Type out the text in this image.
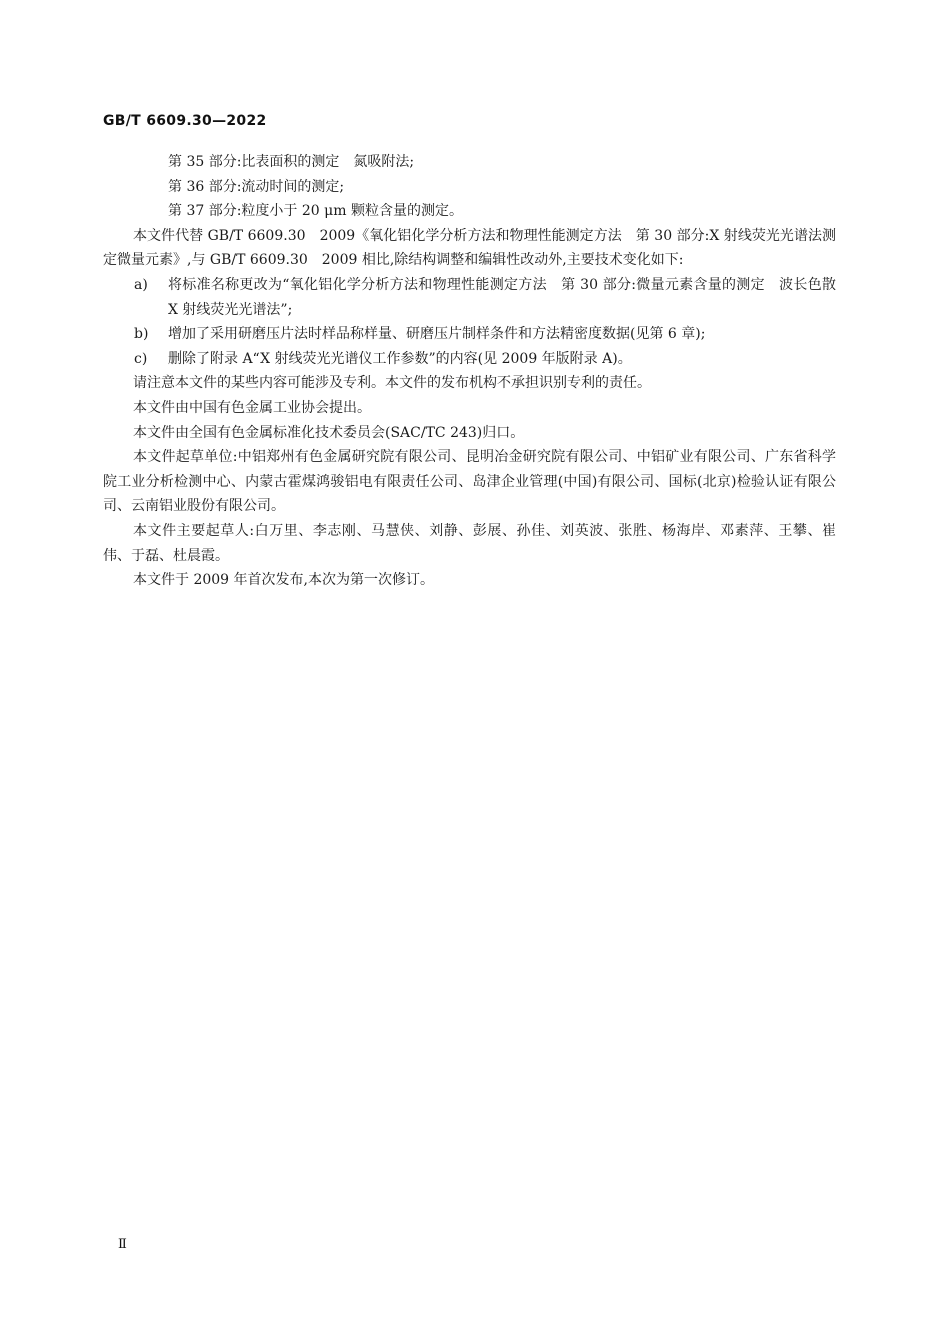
GB/T 6609.30—2022

第 35 部分:比表面积的测定　氮吸附法;

第 36 部分:流动时间的测定;

第 37 部分:粒度小于 20 μm 颗粒含量的测定。

本文件代替 GB/T 6609.30　2009《氧化铝化学分析方法和物理性能测定方法　第 30 部分:X 射线荧光光谱法测定微量元素》,与 GB/T 6609.30　2009 相比,除结构调整和编辑性改动外,主要技术变化如下:

a) 将标准名称更改为“氧化铝化学分析方法和物理性能测定方法　第 30 部分:微量元素含量的测定　波长色散 X 射线荧光光谱法”;

b) 增加了采用研磨压片法时样品称样量、研磨压片制样条件和方法精密度数据(见第 6 章);

c) 删除了附录 A“X 射线荧光光谱仪工作参数”的内容(见 2009 年版附录 A)。

请注意本文件的某些内容可能涉及专利。本文件的发布机构不承担识别专利的责任。

本文件由中国有色金属工业协会提出。

本文件由全国有色金属标准化技术委员会(SAC/TC 243)归口。

本文件起草单位:中铝郑州有色金属研究院有限公司、昆明冶金研究院有限公司、中铝矿业有限公司、广东省科学院工业分析检测中心、内蒙古霍煤鸿骏铝电有限责任公司、岛津企业管理(中国)有限公司、国标(北京)检验认证有限公司、云南铝业股份有限公司。

本文件主要起草人:白万里、李志刚、马慧侠、刘静、彭展、孙佳、刘英波、张胜、杨海岸、邓素萍、王攀、崔伟、于磊、杜晨霞。

本文件于 2009 年首次发布,本次为第一次修订。

Ⅱ
